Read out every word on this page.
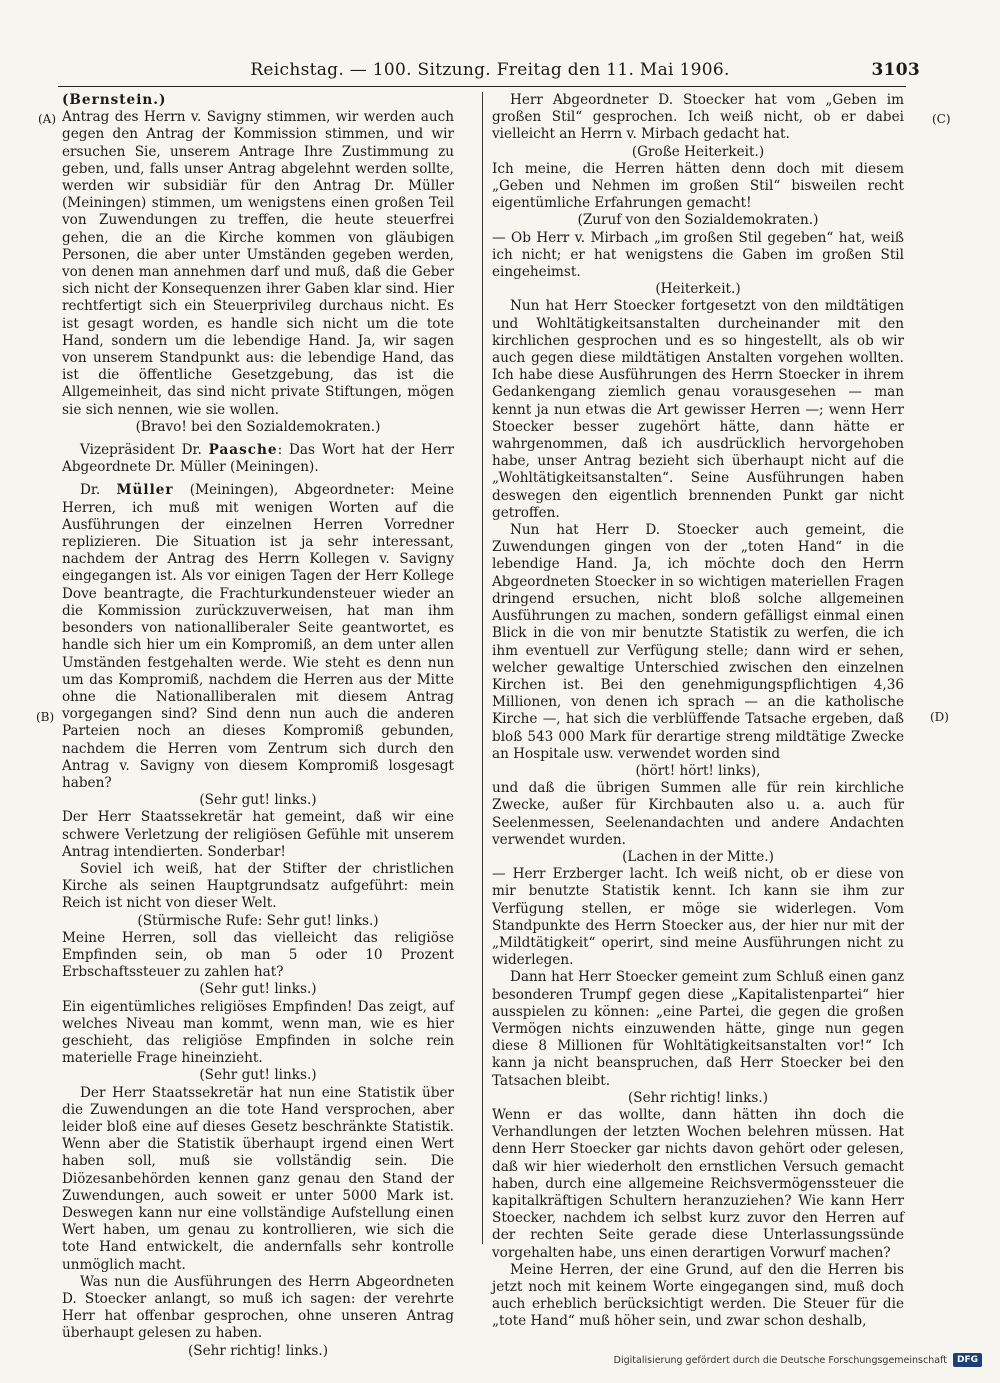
Reichstag. — 100. Sitzung. Freitag den 11. Mai 1906.	3103
(A)
(B)
(C)
(D)

(Bernstein.)

Antrag des Herrn v. Savigny stimmen, wir werden auch gegen den Antrag der Kommission stimmen, und wir ersuchen Sie, unserem Antrage Ihre Zustimmung zu geben, und, falls unser Antrag abgelehnt werden sollte, werden wir subsidiär für den Antrag Dr. Müller (Meiningen) stimmen, um wenigstens einen großen Teil von Zuwendungen zu treffen, die heute steuerfrei gehen, die an die Kirche kommen von gläubigen Personen, die aber unter Umständen gegeben werden, von denen man annehmen darf und muß, daß die Geber sich nicht der Konsequenzen ihrer Gaben klar sind. Hier rechtfertigt sich ein Steuerprivileg durchaus nicht. Es ist gesagt worden, es handle sich nicht um die tote Hand, sondern um die lebendige Hand. Ja, wir sagen von unserem Standpunkt aus: die lebendige Hand, das ist die öffentliche Gesetzgebung, das ist die Allgemeinheit, das sind nicht private Stiftungen, mögen sie sich nennen, wie sie wollen.

(Bravo! bei den Sozialdemokraten.)

Vizepräsident Dr. Paasche: Das Wort hat der Herr Abgeordnete Dr. Müller (Meiningen).

Dr. Müller (Meiningen), Abgeordneter: Meine Herren, ich muß mit wenigen Worten auf die Ausführungen der einzelnen Herren Vorredner replizieren. Die Situation ist ja sehr interessant, nachdem der Antrag des Herrn Kollegen v. Savigny eingegangen ist. Als vor einigen Tagen der Herr Kollege Dove beantragte, die Frachturkundensteuer wieder an die Kommission zurückzuverweisen, hat man ihm besonders von nationalliberaler Seite geantwortet, es handle sich hier um ein Kompromiß, an dem unter allen Umständen festgehalten werde. Wie steht es denn nun um das Kompromiß, nachdem die Herren aus der Mitte ohne die Nationalliberalen mit diesem Antrag vorgegangen sind? Sind denn nun auch die anderen Parteien noch an dieses Kompromiß gebunden, nachdem die Herren vom Zentrum sich durch den Antrag v. Savigny von diesem Kompromiß losgesagt haben?

(Sehr gut! links.)

Der Herr Staatssekretär hat gemeint, daß wir eine schwere Verletzung der religiösen Gefühle mit unserem Antrag intendierten. Sonderbar!

Soviel ich weiß, hat der Stifter der christlichen Kirche als seinen Hauptgrundsatz aufgeführt: mein Reich ist nicht von dieser Welt.

(Stürmische Rufe: Sehr gut! links.)

Meine Herren, soll das vielleicht das religiöse Empfinden sein, ob man 5 oder 10 Prozent Erbschaftssteuer zu zahlen hat?

(Sehr gut! links.)

Ein eigentümliches religiöses Empfinden! Das zeigt, auf welches Niveau man kommt, wenn man, wie es hier geschieht, das religiöse Empfinden in solche rein materielle Frage hineinzieht.

(Sehr gut! links.)

Der Herr Staatssekretär hat nun eine Statistik über die Zuwendungen an die tote Hand versprochen, aber leider bloß eine auf dieses Gesetz beschränkte Statistik. Wenn aber die Statistik überhaupt irgend einen Wert haben soll, muß sie vollständig sein. Die Diözesanbehörden kennen ganz genau den Stand der Zuwendungen, auch soweit er unter 5000 Mark ist. Deswegen kann nur eine vollständige Aufstellung einen Wert haben, um genau zu kontrollieren, wie sich die tote Hand entwickelt, die andernfalls sehr kontrolle unmöglich macht.

Was nun die Ausführungen des Herrn Abgeordneten D. Stoecker anlangt, so muß ich sagen: der verehrte Herr hat offenbar gesprochen, ohne unseren Antrag überhaupt gelesen zu haben.

(Sehr richtig! links.)

Herr Abgeordneter D. Stoecker hat vom „Geben im großen Stil“ gesprochen. Ich weiß nicht, ob er dabei vielleicht an Herrn v. Mirbach gedacht hat.

(Große Heiterkeit.)

Ich meine, die Herren hätten denn doch mit diesem „Geben und Nehmen im großen Stil“ bisweilen recht eigentümliche Erfahrungen gemacht!

(Zuruf von den Sozialdemokraten.)

— Ob Herr v. Mirbach „im großen Stil gegeben“ hat, weiß ich nicht; er hat wenigstens die Gaben im großen Stil eingeheimst.

(Heiterkeit.)

Nun hat Herr Stoecker fortgesetzt von den mildtätigen und Wohltätigkeitsanstalten durcheinander mit den kirchlichen gesprochen und es so hingestellt, als ob wir auch gegen diese mildtätigen Anstalten vorgehen wollten. Ich habe diese Ausführungen des Herrn Stoecker in ihrem Gedankengang ziemlich genau vorausgesehen — man kennt ja nun etwas die Art gewisser Herren —; wenn Herr Stoecker besser zugehört hätte, dann hätte er wahrgenommen, daß ich ausdrücklich hervorgehoben habe, unser Antrag bezieht sich überhaupt nicht auf die „Wohltätigkeitsanstalten“. Seine Ausführungen haben deswegen den eigentlich brennenden Punkt gar nicht getroffen.

Nun hat Herr D. Stoecker auch gemeint, die Zuwendungen gingen von der „toten Hand“ in die lebendige Hand. Ja, ich möchte doch den Herrn Abgeordneten Stoecker in so wichtigen materiellen Fragen dringend ersuchen, nicht bloß solche allgemeinen Ausführungen zu machen, sondern gefälligst einmal einen Blick in die von mir benutzte Statistik zu werfen, die ich ihm eventuell zur Verfügung stelle; dann wird er sehen, welcher gewaltige Unterschied zwischen den einzelnen Kirchen ist. Bei den genehmigungspflichtigen 4,36 Millionen, von denen ich sprach — an die katholische Kirche —, hat sich die verblüffende Tatsache ergeben, daß bloß 543 000 Mark für derartige streng mildtätige Zwecke an Hospitale usw. verwendet worden sind

(hört! hört! links),

und daß die übrigen Summen alle für rein kirchliche Zwecke, außer für Kirchbauten also u. a. auch für Seelenmessen, Seelenandachten und andere Andachten verwendet wurden.

(Lachen in der Mitte.)

— Herr Erzberger lacht. Ich weiß nicht, ob er diese von mir benutzte Statistik kennt. Ich kann sie ihm zur Verfügung stellen, er möge sie widerlegen. Vom Standpunkte des Herrn Stoecker aus, der hier nur mit der „Mildtätigkeit“ operirt, sind meine Ausführungen nicht zu widerlegen.

Dann hat Herr Stoecker gemeint zum Schluß einen ganz besonderen Trumpf gegen diese „Kapitalistenpartei“ hier ausspielen zu können: „eine Partei, die gegen die großen Vermögen nichts einzuwenden hätte, ginge nun gegen diese 8 Millionen für Wohltätigkeitsanstalten vor!“ Ich kann ja nicht beanspruchen, daß Herr Stoecker bei den Tatsachen bleibt.

(Sehr richtig! links.)

Wenn er das wollte, dann hätten ihn doch die Verhandlungen der letzten Wochen belehren müssen. Hat denn Herr Stoecker gar nichts davon gehört oder gelesen, daß wir hier wiederholt den ernstlichen Versuch gemacht haben, durch eine allgemeine Reichsvermögenssteuer die kapitalkräftigen Schultern heranzuziehen? Wie kann Herr Stoecker, nachdem ich selbst kurz zuvor den Herren auf der rechten Seite gerade diese Unterlassungssünde vorgehalten habe, uns einen derartigen Vorwurf machen?

Meine Herren, der eine Grund, auf den die Herren bis jetzt noch mit keinem Worte eingegangen sind, muß doch auch erheblich berücksichtigt werden. Die Steuer für die „tote Hand“ muß höher sein, und zwar schon deshalb,

Digitalisierung gefördert durch die Deutsche Forschungsgemeinschaft	DFG
